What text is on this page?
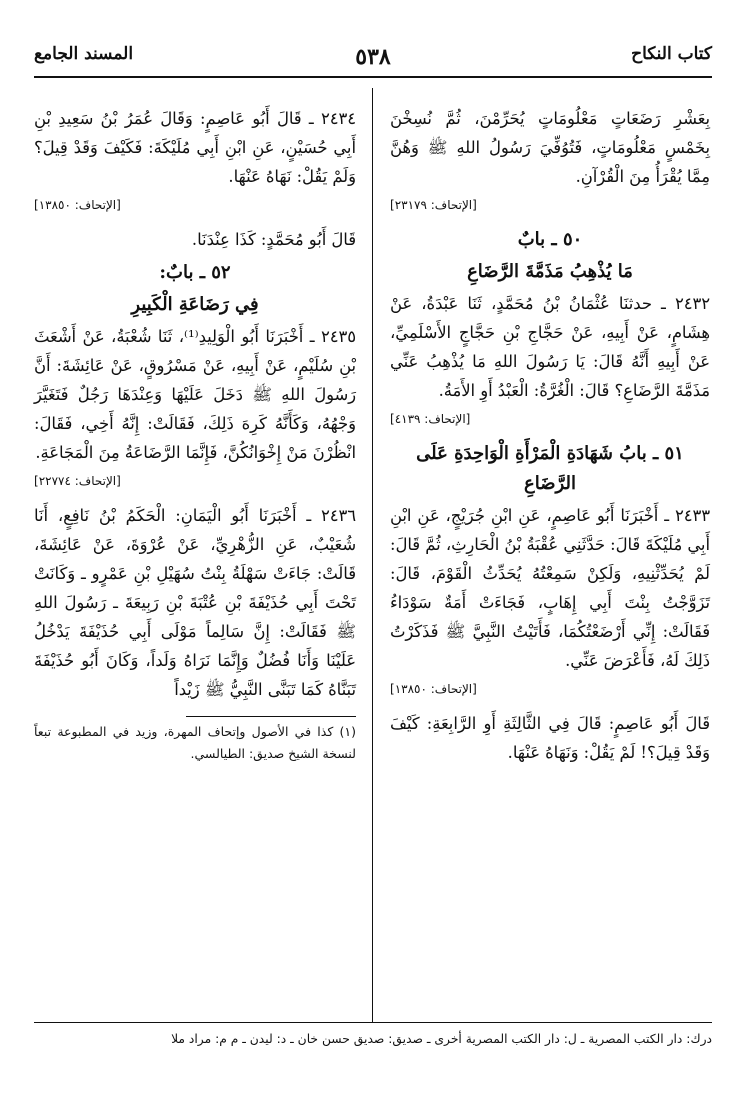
كتاب النكاح
٥٣٨
المسند الجامع

بِعَشْرِ رَضَعَاتٍ مَعْلُومَاتٍ يُحَرِّمْنَ، ثُمَّ نُسِخْنَ بِخَمْسٍ مَعْلُومَاتٍ، فَتُوُفِّيَ رَسُولُ اللهِ ﷺ وَهُنَّ مِمَّا يُقْرَأُ مِنَ الْقُرْآنِ.

[الإتحاف: ٢٣١٧٩]
٥٠ ـ بابٌ
مَا يُذْهِبُ مَذَمَّةَ الرَّضَاعِ

٢٤٣٢ ـ حدثنَا عُثْمَانُ بْنُ مُحَمَّدٍ، ثَنَا عَبْدَةُ، عَنْ هِشَامٍ، عَنْ أَبِيهِ، عَنْ حَجَّاجِ بْنِ حَجَّاجٍ الأَسْلَمِيِّ، عَنْ أَبِيهِ أَنَّهُ قَالَ: يَا رَسُولَ اللهِ مَا يُذْهِبُ عَنِّي مَذَمَّةَ الرَّضَاعِ؟ قَالَ: الْغُرَّةُ: الْعَبْدُ أَوِ الأَمَةُ.

[الإتحاف: ٤١٣٩]
٥١ ـ بابُ شَهَادَةِ الْمَرْأَةِ الْوَاحِدَةِ عَلَى الرَّضَاعِ

٢٤٣٣ ـ أَخْبَرَنَا أَبُو عَاصِمٍ، عَنِ ابْنِ جُرَيْجٍ، عَنِ ابْنِ أَبِي مُلَيْكَةَ قَالَ: حَدَّثَنِي عُقْبَةُ بْنُ الْحَارِثِ، ثُمَّ قَالَ: لَمْ يُحَدِّثْنِيهِ، وَلَكِنْ سَمِعْتُهُ يُحَدِّثُ الْقَوْمَ، قَالَ: تَزَوَّجْتُ بِنْتَ أَبِي إِهَابٍ، فَجَاءَتْ أَمَةٌ سَوْدَاءُ فَقَالَتْ: إِنِّي أَرْضَعْتُكُمَا، فَأَتَيْتُ النَّبِيَّ ﷺ فَذَكَرْتُ ذَلِكَ لَهُ، فَأَعْرَضَ عَنِّي.

[الإتحاف: ١٣٨٥٠]

قَالَ أَبُو عَاصِمٍ: قَالَ فِي الثَّالِثَةِ أَوِ الرَّابِعَةِ: كَيْفَ وَقَدْ قِيلَ؟! لَمْ يَقُلْ: وَنَهَاهُ عَنْهَا.

٢٤٣٤ ـ قَالَ أَبُو عَاصِمٍ: وَقَالَ عُمَرُ بْنُ سَعِيدِ بْنِ أَبِي حُسَيْنٍ، عَنِ ابْنِ أَبِي مُلَيْكَةَ: فَكَيْفَ وَقَدْ قِيلَ؟ وَلَمْ يَقُلْ: نَهَاهُ عَنْهَا.

[الإتحاف: ١٣٨٥٠]

قَالَ أَبُو مُحَمَّدٍ: كَذَا عِنْدَنَا.

٥٢ ـ بابٌ:
فِي رَضَاعَةِ الْكَبِيرِ

٢٤٣٥ ـ أَخْبَرَنَا أَبُو الْوَلِيدِ⁽¹⁾، ثَنَا شُعْبَةُ، عَنْ أَشْعَثَ بْنِ سُلَيْمٍ، عَنْ أَبِيهِ، عَنْ مَسْرُوقٍ، عَنْ عَائِشَةَ: أَنَّ رَسُولَ اللهِ ﷺ دَخَلَ عَلَيْهَا وَعِنْدَهَا رَجُلٌ فَتَغَيَّرَ وَجْهُهُ، وَكَأَنَّهُ كَرِهَ ذَلِكَ، فَقَالَتْ: إِنَّهُ أَخِي، فَقَالَ: انْظُرْنَ مَنْ إِخْوَانُكُنَّ، فَإِنَّمَا الرَّضَاعَةُ مِنَ الْمَجَاعَةِ.

[الإتحاف: ٢٢٧٧٤]

٢٤٣٦ ـ أَخْبَرَنَا أَبُو الْيَمَانِ: الْحَكَمُ بْنُ نَافِعٍ، أَنَا شُعَيْبٌ، عَنِ الزُّهْرِيِّ، عَنْ عُرْوَةَ، عَنْ عَائِشَةَ، قَالَتْ: جَاءَتْ سَهْلَةُ بِنْتُ سُهَيْلِ بْنِ عَمْرٍو ـ وَكَانَتْ تَحْتَ أَبِي حُذَيْفَةَ بْنِ عُتْبَةَ بْنِ رَبِيعَةَ ـ رَسُولَ اللهِ ﷺ فَقَالَتْ: إِنَّ سَالِماً مَوْلَى أَبِي حُذَيْفَةَ يَدْخُلُ عَلَيْنَا وَأَنَا فُضُلٌ وَإِنَّمَا نَرَاهُ وَلَداً، وَكَانَ أَبُو حُذَيْفَةَ تَبَنَّاهُ كَمَا تَبَنَّى النَّبِيُّ ﷺ زَيْداً

(١) كذا في الأصول وإتحاف المهرة، وزيد في المطبوعة تبعاً لنسخة الشيخ صديق: الطيالسي.
درك: دار الكتب المصرية ـ ل: دار الكتب المصرية أخرى ـ صديق: صديق حسن خان ـ د: ليدن ـ م م: مراد ملا
